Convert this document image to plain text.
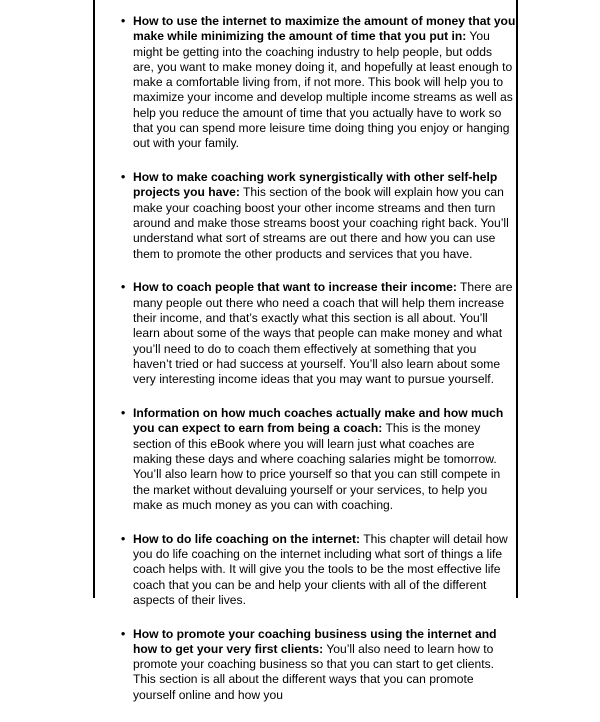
• How to use the internet to maximize the amount of money that you make while minimizing the amount of time that you put in: You might be getting into the coaching industry to help people, but odds are, you want to make money doing it, and hopefully at least enough to make a comfortable living from, if not more. This book will help you to maximize your income and develop multiple income streams as well as help you reduce the amount of time that you actually have to work so that you can spend more leisure time doing thing you enjoy or hanging out with your family.
• How to make coaching work synergistically with other self-help projects you have: This section of the book will explain how you can make your coaching boost your other income streams and then turn around and make those streams boost your coaching right back. You’ll understand what sort of streams are out there and how you can use them to promote the other products and services that you have.
• How to coach people that want to increase their income: There are many people out there who need a coach that will help them increase their income, and that’s exactly what this section is all about. You’ll learn about some of the ways that people can make money and what you’ll need to do to coach them effectively at something that you haven’t tried or had success at yourself. You’ll also learn about some very interesting income ideas that you may want to pursue yourself.
• Information on how much coaches actually make and how much you can expect to earn from being a coach: This is the money section of this eBook where you will learn just what coaches are making these days and where coaching salaries might be tomorrow. You’ll also learn how to price yourself so that you can still compete in the market without devaluing yourself or your services, to help you make as much money as you can with coaching.
• How to do life coaching on the internet: This chapter will detail how you do life coaching on the internet including what sort of things a life coach helps with. It will give you the tools to be the most effective life coach that you can be and help your clients with all of the different aspects of their lives.
• How to promote your coaching business using the internet and how to get your very first clients: You’ll also need to learn how to promote your coaching business so that you can start to get clients. This section is all about the different ways that you can promote yourself online and how you
